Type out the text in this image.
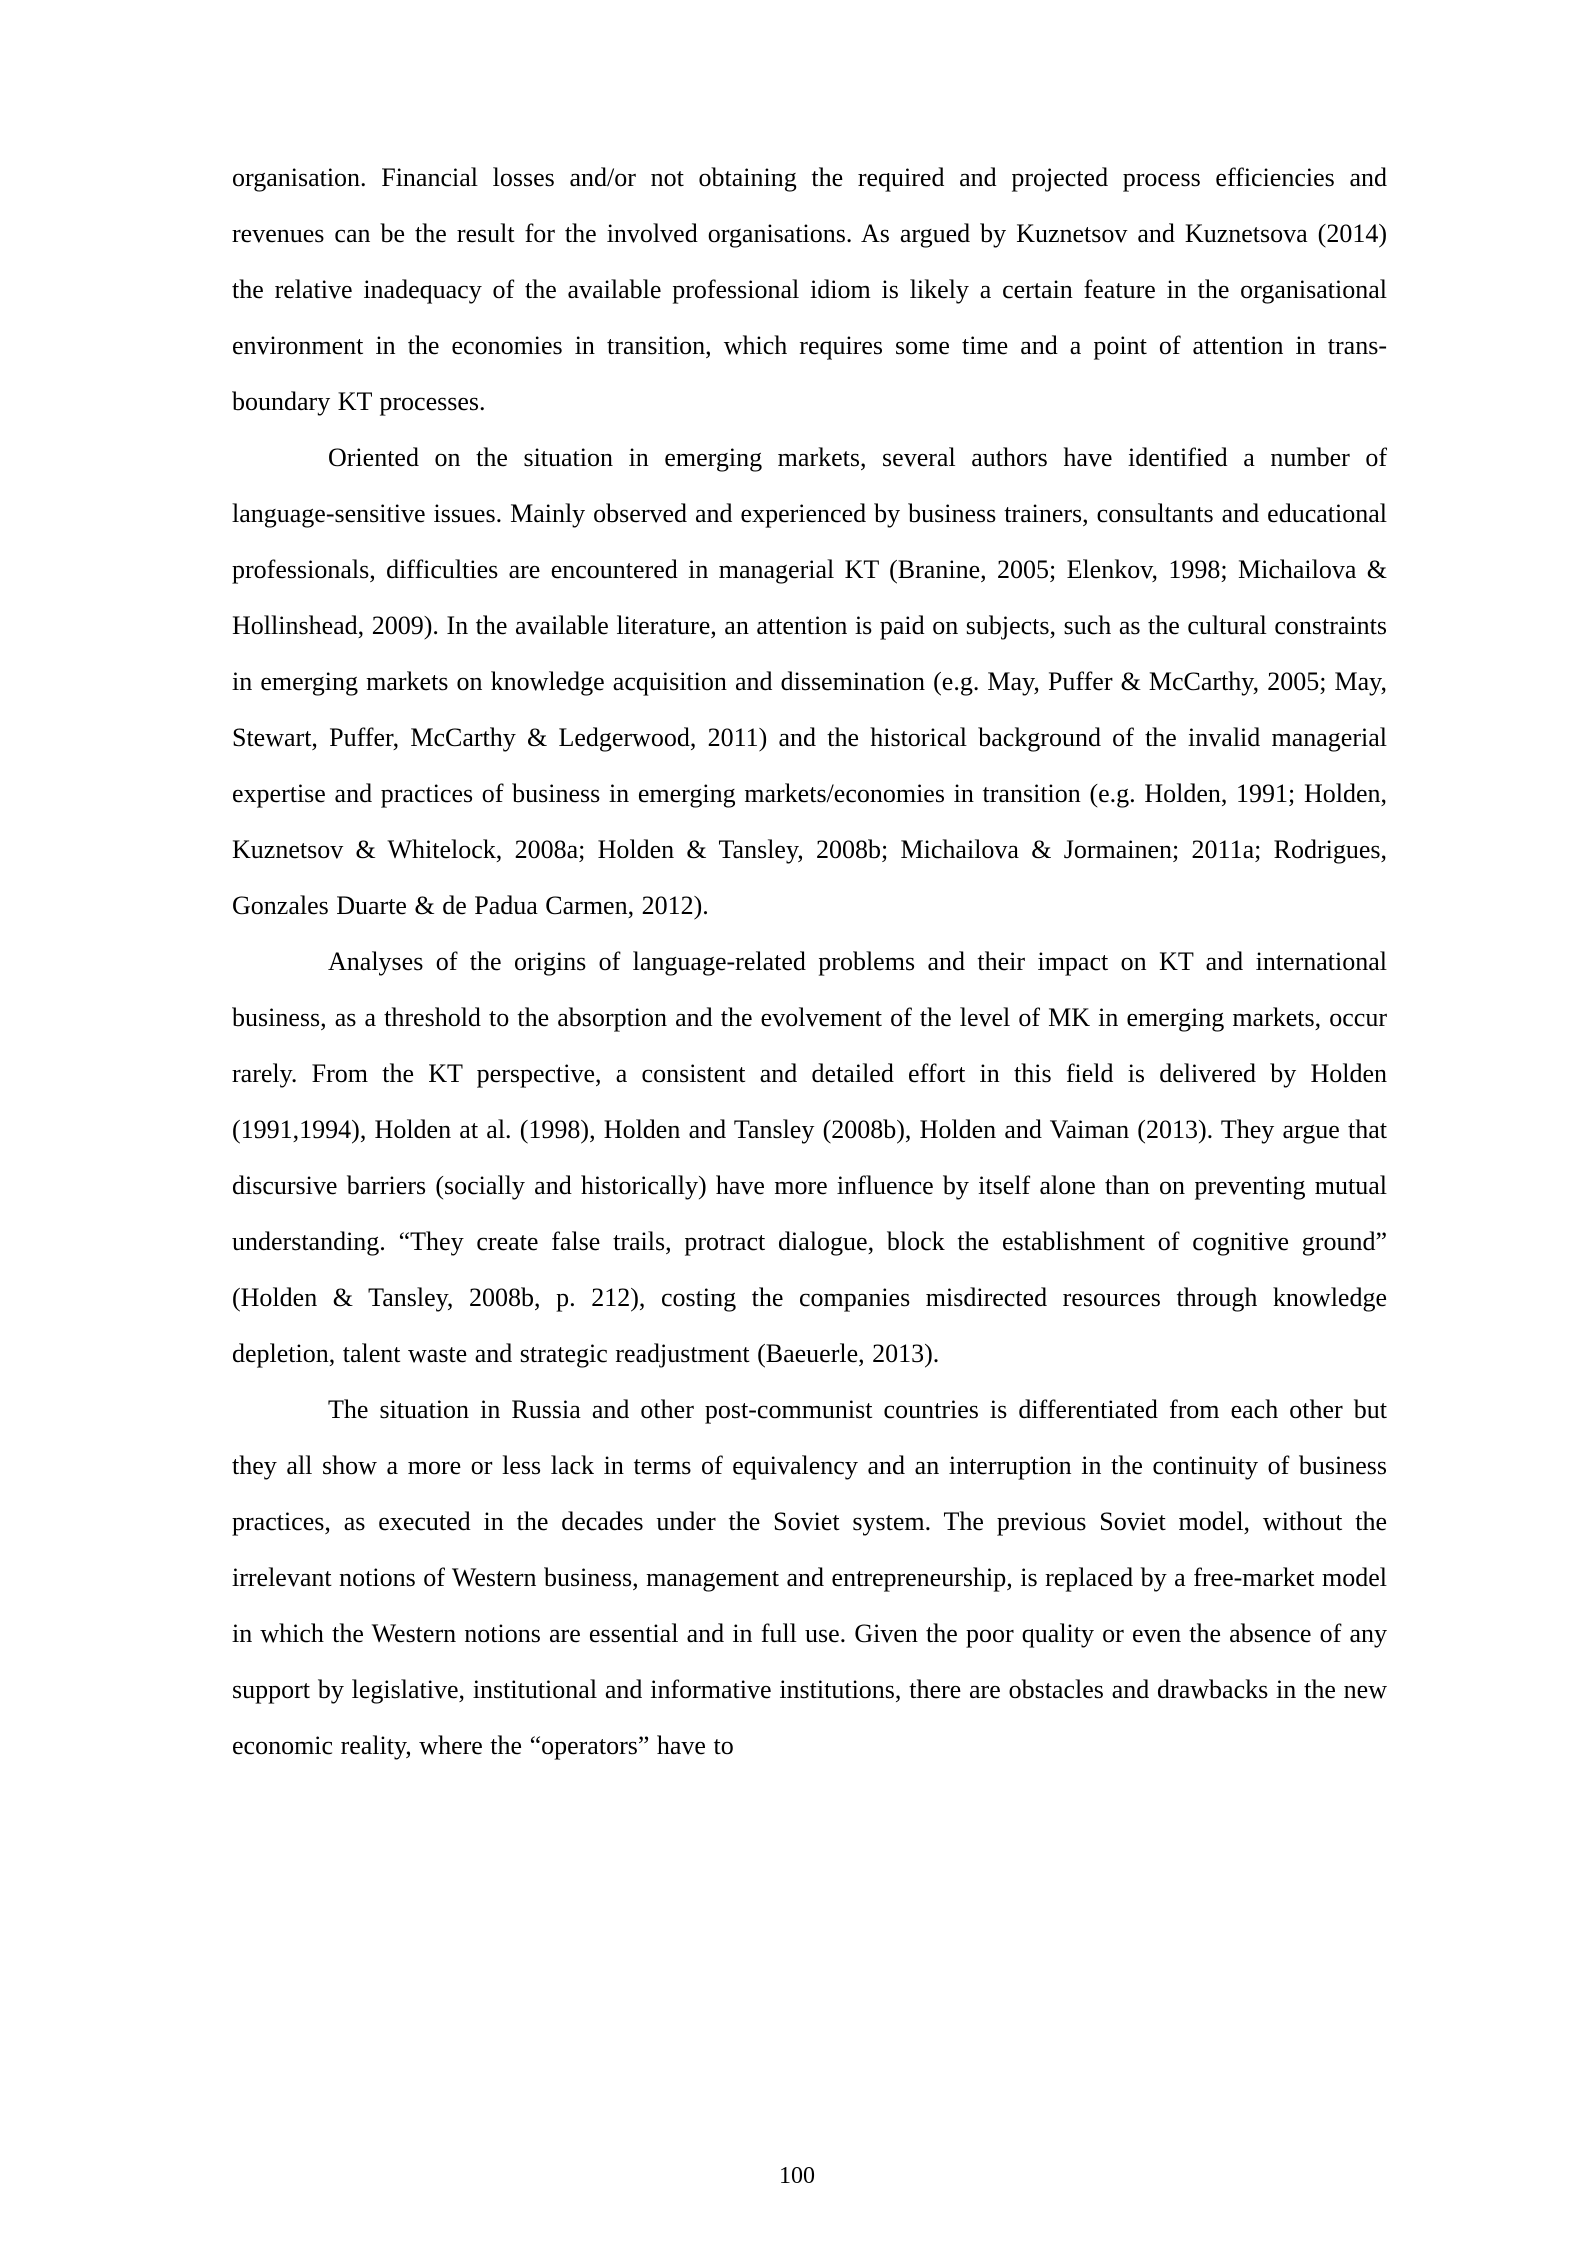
organisation. Financial losses and/or not obtaining the required and projected process efficiencies and revenues can be the result for the involved organisations. As argued by Kuznetsov and Kuznetsova (2014) the relative inadequacy of the available professional idiom is likely a certain feature in the organisational environment in the economies in transition, which requires some time and a point of attention in trans-boundary KT processes.

Oriented on the situation in emerging markets, several authors have identified a number of language-sensitive issues. Mainly observed and experienced by business trainers, consultants and educational professionals, difficulties are encountered in managerial KT (Branine, 2005; Elenkov, 1998; Michailova & Hollinshead, 2009). In the available literature, an attention is paid on subjects, such as the cultural constraints in emerging markets on knowledge acquisition and dissemination (e.g. May, Puffer & McCarthy, 2005; May, Stewart, Puffer, McCarthy & Ledgerwood, 2011) and the historical background of the invalid managerial expertise and practices of business in emerging markets/economies in transition (e.g. Holden, 1991; Holden, Kuznetsov & Whitelock, 2008a; Holden & Tansley, 2008b; Michailova & Jormainen; 2011a; Rodrigues, Gonzales Duarte & de Padua Carmen, 2012).

Analyses of the origins of language-related problems and their impact on KT and international business, as a threshold to the absorption and the evolvement of the level of MK in emerging markets, occur rarely. From the KT perspective, a consistent and detailed effort in this field is delivered by Holden (1991,1994), Holden at al. (1998), Holden and Tansley (2008b), Holden and Vaiman (2013). They argue that discursive barriers (socially and historically) have more influence by itself alone than on preventing mutual understanding. “They create false trails, protract dialogue, block the establishment of cognitive ground” (Holden & Tansley, 2008b, p. 212), costing the companies misdirected resources through knowledge depletion, talent waste and strategic readjustment (Baeuerle, 2013).

The situation in Russia and other post-communist countries is differentiated from each other but they all show a more or less lack in terms of equivalency and an interruption in the continuity of business practices, as executed in the decades under the Soviet system. The previous Soviet model, without the irrelevant notions of Western business, management and entrepreneurship, is replaced by a free-market model in which the Western notions are essential and in full use. Given the poor quality or even the absence of any support by legislative, institutional and informative institutions, there are obstacles and drawbacks in the new economic reality, where the “operators” have to

100
